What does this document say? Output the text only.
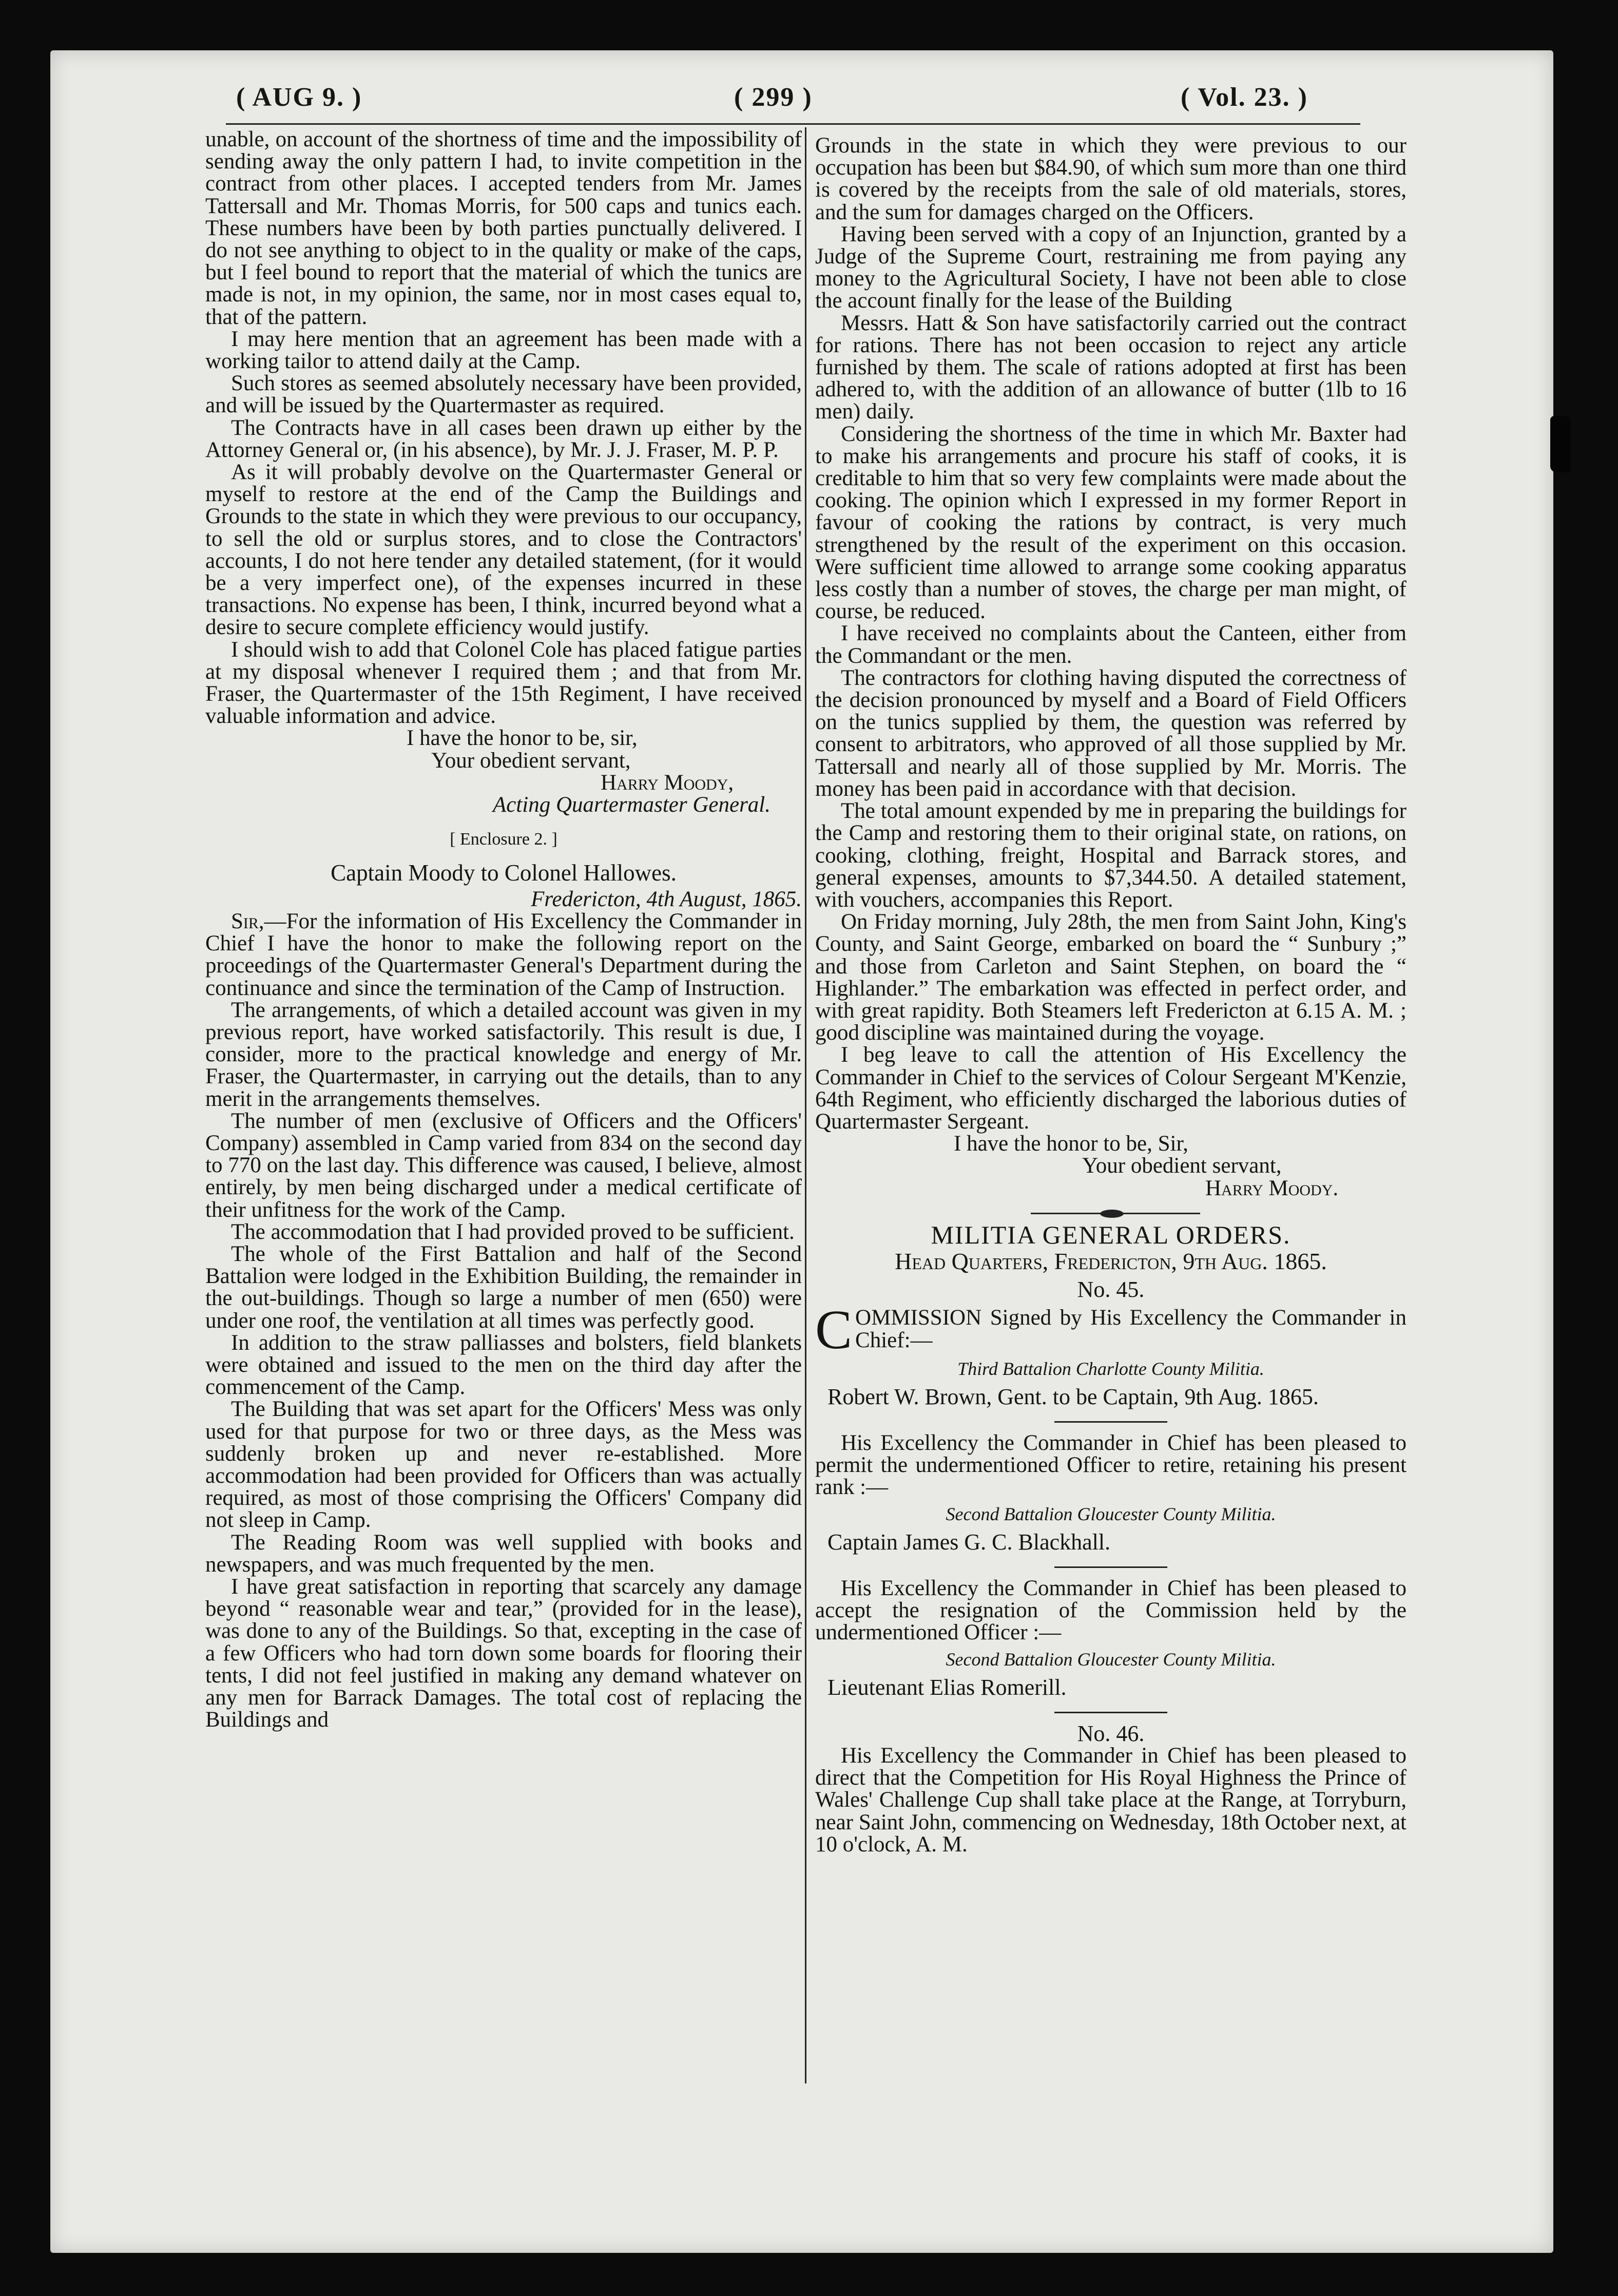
( AUG 9. )	( 299 )	( Vol. 23. )

unable, on account of the shortness of time and the impossibility of sending away the only pattern I had, to invite competition in the contract from other places. I accepted tenders from Mr. James Tattersall and Mr. Thomas Morris, for 500 caps and tunics each. These numbers have been by both parties punctually delivered. I do not see anything to object to in the quality or make of the caps, but I feel bound to report that the material of which the tunics are made is not, in my opinion, the same, nor in most cases equal to, that of the pattern.

I may here mention that an agreement has been made with a working tailor to attend daily at the Camp.

Such stores as seemed absolutely necessary have been provided, and will be issued by the Quartermaster as required.

The Contracts have in all cases been drawn up either by the Attorney General or, (in his absence), by Mr. J. J. Fraser, M. P. P.

As it will probably devolve on the Quartermaster General or myself to restore at the end of the Camp the Buildings and Grounds to the state in which they were previous to our occupancy, to sell the old or surplus stores, and to close the Contractors' accounts, I do not here tender any detailed statement, (for it would be a very imperfect one), of the expenses incurred in these transactions. No expense has been, I think, incurred beyond what a desire to secure complete efficiency would justify.

I should wish to add that Colonel Cole has placed fatigue parties at my disposal whenever I required them ; and that from Mr. Fraser, the Quartermaster of the 15th Regiment, I have received valuable information and advice.

I have the honor to be, sir,

Your obedient servant,

Harry Moody,

Acting Quartermaster General.

[ Enclosure 2. ]

Captain Moody to Colonel Hallowes.

Fredericton, 4th August, 1865.

Sir,—For the information of His Excellency the Commander in Chief I have the honor to make the following report on the proceedings of the Quartermaster General's Department during the continuance and since the termination of the Camp of Instruction.

The arrangements, of which a detailed account was given in my previous report, have worked satisfactorily. This result is due, I consider, more to the practical knowledge and energy of Mr. Fraser, the Quartermaster, in carrying out the details, than to any merit in the arrangements themselves.

The number of men (exclusive of Officers and the Officers' Company) assembled in Camp varied from 834 on the second day to 770 on the last day. This difference was caused, I believe, almost entirely, by men being discharged under a medical certificate of their unfitness for the work of the Camp.

The accommodation that I had provided proved to be sufficient.

The whole of the First Battalion and half of the Second Battalion were lodged in the Exhibition Building, the remainder in the out-buildings. Though so large a number of men (650) were under one roof, the ventilation at all times was perfectly good.

In addition to the straw palliasses and bolsters, field blankets were obtained and issued to the men on the third day after the commencement of the Camp.

The Building that was set apart for the Officers' Mess was only used for that purpose for two or three days, as the Mess was suddenly broken up and never re-established. More accommodation had been provided for Officers than was actually required, as most of those comprising the Officers' Company did not sleep in Camp.

The Reading Room was well supplied with books and newspapers, and was much frequented by the men.

I have great satisfaction in reporting that scarcely any damage beyond “ reasonable wear and tear,” (provided for in the lease), was done to any of the Buildings. So that, excepting in the case of a few Officers who had torn down some boards for flooring their tents, I did not feel justified in making any demand whatever on any men for Barrack Damages. The total cost of replacing the Buildings and

Grounds in the state in which they were previous to our occupation has been but $84.90, of which sum more than one third is covered by the receipts from the sale of old materials, stores, and the sum for damages charged on the Officers.

Having been served with a copy of an Injunction, granted by a Judge of the Supreme Court, restraining me from paying any money to the Agricultural Society, I have not been able to close the account finally for the lease of the Building

Messrs. Hatt & Son have satisfactorily carried out the contract for rations. There has not been occasion to reject any article furnished by them. The scale of rations adopted at first has been adhered to, with the addition of an allowance of butter (1lb to 16 men) daily.

Considering the shortness of the time in which Mr. Baxter had to make his arrangements and procure his staff of cooks, it is creditable to him that so very few complaints were made about the cooking. The opinion which I expressed in my former Report in favour of cooking the rations by contract, is very much strengthened by the result of the experiment on this occasion. Were sufficient time allowed to arrange some cooking apparatus less costly than a number of stoves, the charge per man might, of course, be reduced.

I have received no complaints about the Canteen, either from the Commandant or the men.

The contractors for clothing having disputed the correctness of the decision pronounced by myself and a Board of Field Officers on the tunics supplied by them, the question was referred by consent to arbitrators, who approved of all those supplied by Mr. Tattersall and nearly all of those supplied by Mr. Morris. The money has been paid in accordance with that decision.

The total amount expended by me in preparing the buildings for the Camp and restoring them to their original state, on rations, on cooking, clothing, freight, Hospital and Barrack stores, and general expenses, amounts to $7,344.50. A detailed statement, with vouchers, accompanies this Report.

On Friday morning, July 28th, the men from Saint John, King's County, and Saint George, embarked on board the “ Sunbury ;” and those from Carleton and Saint Stephen, on board the “ Highlander.” The embarkation was effected in perfect order, and with great rapidity. Both Steamers left Fredericton at 6.15 A. M. ; good discipline was maintained during the voyage.

I beg leave to call the attention of His Excellency the Commander in Chief to the services of Colour Sergeant M'Kenzie, 64th Regiment, who efficiently discharged the laborious duties of Quartermaster Sergeant.

I have the honor to be, Sir,

Your obedient servant,

Harry Moody.

MILITIA GENERAL ORDERS.

Head Quarters, Fredericton, 9th Aug. 1865.

No. 45.

C OMMISSION Signed by His Excellency the Commander in Chief:—

Third Battalion Charlotte County Militia.

Robert W. Brown, Gent. to be Captain, 9th Aug. 1865.

His Excellency the Commander in Chief has been pleased to permit the undermentioned Officer to retire, retaining his present rank :—

Second Battalion Gloucester County Militia.

Captain James G. C. Blackhall.

His Excellency the Commander in Chief has been pleased to accept the resignation of the Commission held by the undermentioned Officer :—

Second Battalion Gloucester County Militia.

Lieutenant Elias Romerill.

No. 46.

His Excellency the Commander in Chief has been pleased to direct that the Competition for His Royal Highness the Prince of Wales' Challenge Cup shall take place at the Range, at Torryburn, near Saint John, commencing on Wednesday, 18th October next, at 10 o'clock, A. M.
